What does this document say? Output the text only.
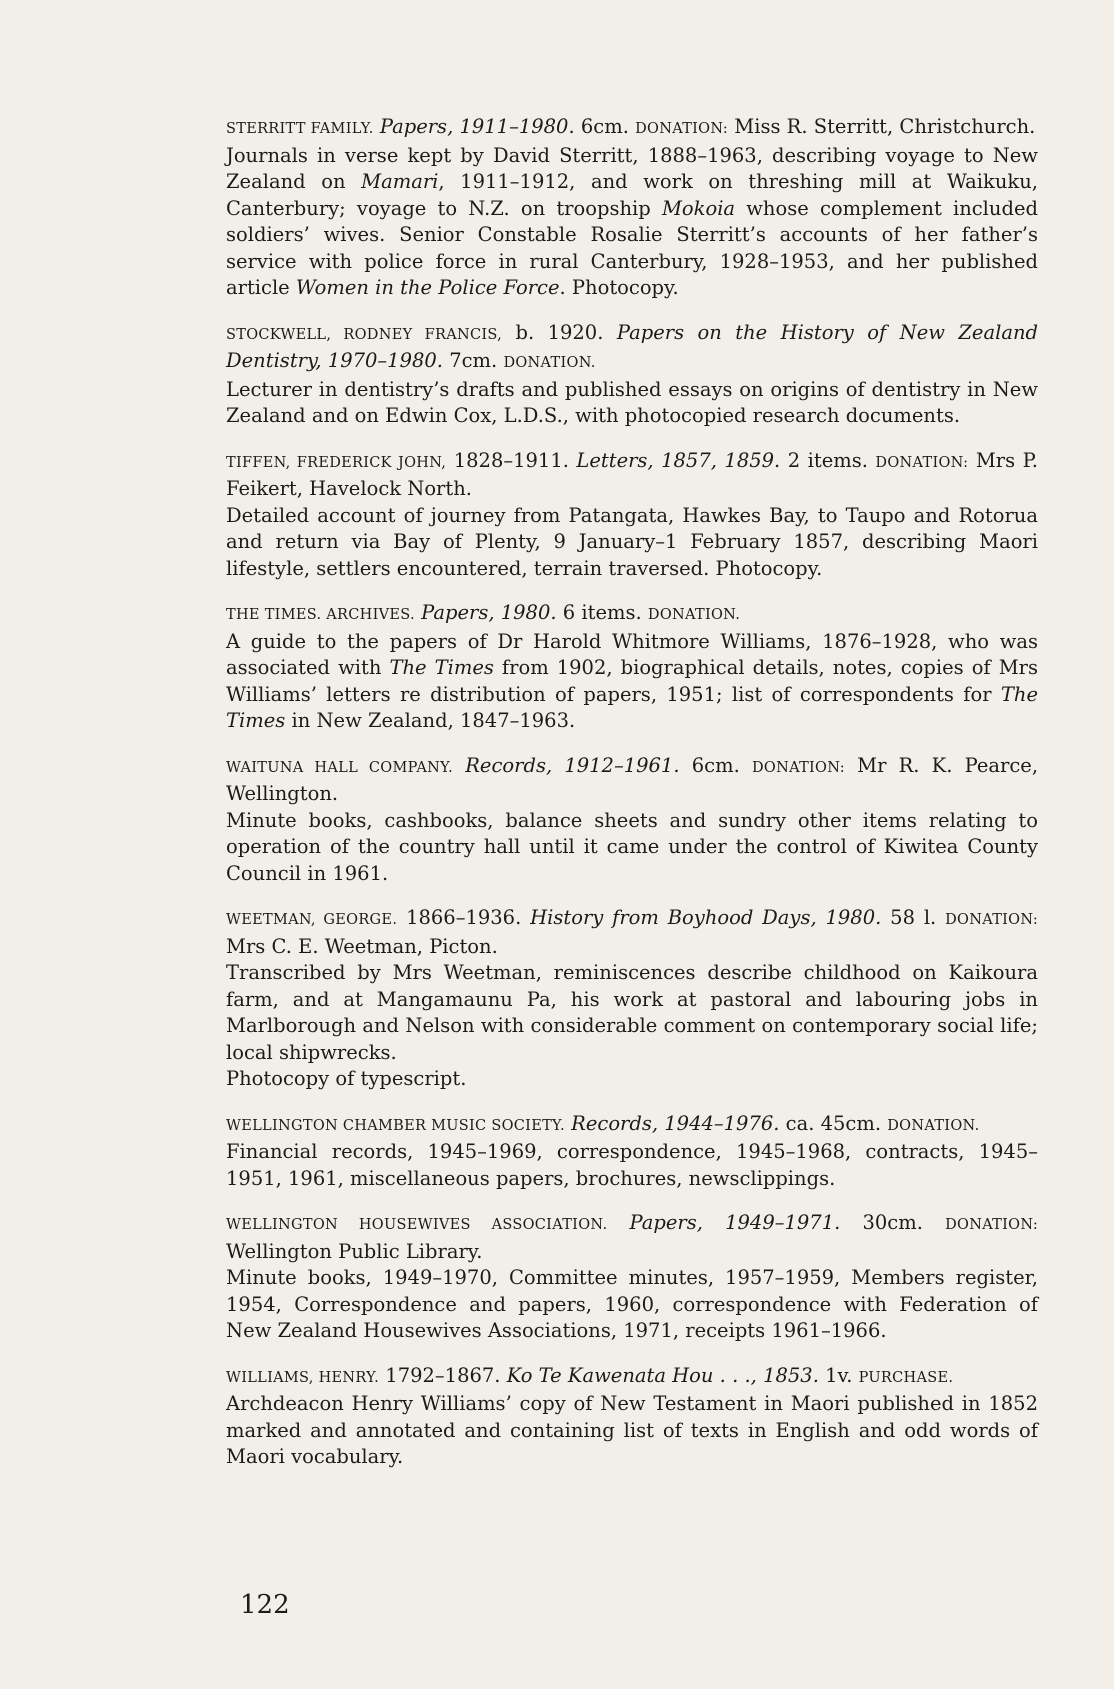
STERRITT FAMILY. Papers, 1911–1980. 6cm. DONATION: Miss R. Sterritt, Christchurch.

Journals in verse kept by David Sterritt, 1888–1963, describing voyage to New Zealand on Mamari, 1911–1912, and work on threshing mill at Waikuku, Canterbury; voyage to N.Z. on troopship Mokoia whose complement included soldiers’ wives. Senior Constable Rosalie Sterritt’s accounts of her father’s service with police force in rural Canterbury, 1928–1953, and her published article Women in the Police Force. Photocopy.

STOCKWELL, RODNEY FRANCIS, b. 1920. Papers on the History of New Zealand Dentistry, 1970–1980. 7cm. DONATION.

Lecturer in dentistry’s drafts and published essays on origins of dentistry in New Zealand and on Edwin Cox, L.D.S., with photocopied research documents.

TIFFEN, FREDERICK JOHN, 1828–1911. Letters, 1857, 1859. 2 items. DONATION: Mrs P. Feikert, Havelock North.

Detailed account of journey from Patangata, Hawkes Bay, to Taupo and Rotorua and return via Bay of Plenty, 9 January–1 February 1857, describing Maori lifestyle, settlers encountered, terrain traversed. Photocopy.

THE TIMES. ARCHIVES. Papers, 1980. 6 items. DONATION.

A guide to the papers of Dr Harold Whitmore Williams, 1876–1928, who was associated with The Times from 1902, biographical details, notes, copies of Mrs Williams’ letters re distribution of papers, 1951; list of correspondents for The Times in New Zealand, 1847–1963.

WAITUNA HALL COMPANY. Records, 1912–1961. 6cm. DONATION: Mr R. K. Pearce, Wellington.

Minute books, cashbooks, balance sheets and sundry other items relating to operation of the country hall until it came under the control of Kiwitea County Council in 1961.

WEETMAN, GEORGE. 1866–1936. History from Boyhood Days, 1980. 58 l. DONATION: Mrs C. E. Weetman, Picton.

Transcribed by Mrs Weetman, reminiscences describe childhood on Kaikoura farm, and at Mangamaunu Pa, his work at pastoral and labouring jobs in Marlborough and Nelson with considerable comment on contemporary social life; local shipwrecks.

Photocopy of typescript.

WELLINGTON CHAMBER MUSIC SOCIETY. Records, 1944–1976. ca. 45cm. DONATION.

Financial records, 1945–1969, correspondence, 1945–1968, contracts, 1945–1951, 1961, miscellaneous papers, brochures, newsclippings.

WELLINGTON HOUSEWIVES ASSOCIATION. Papers, 1949–1971. 30cm. DONATION: Wellington Public Library.

Minute books, 1949–1970, Committee minutes, 1957–1959, Members register, 1954, Correspondence and papers, 1960, correspondence with Federation of New Zealand Housewives Associations, 1971, receipts 1961–1966.

WILLIAMS, HENRY. 1792–1867. Ko Te Kawenata Hou . . ., 1853. 1v. PURCHASE.

Archdeacon Henry Williams’ copy of New Testament in Maori published in 1852 marked and annotated and containing list of texts in English and odd words of Maori vocabulary.

122
